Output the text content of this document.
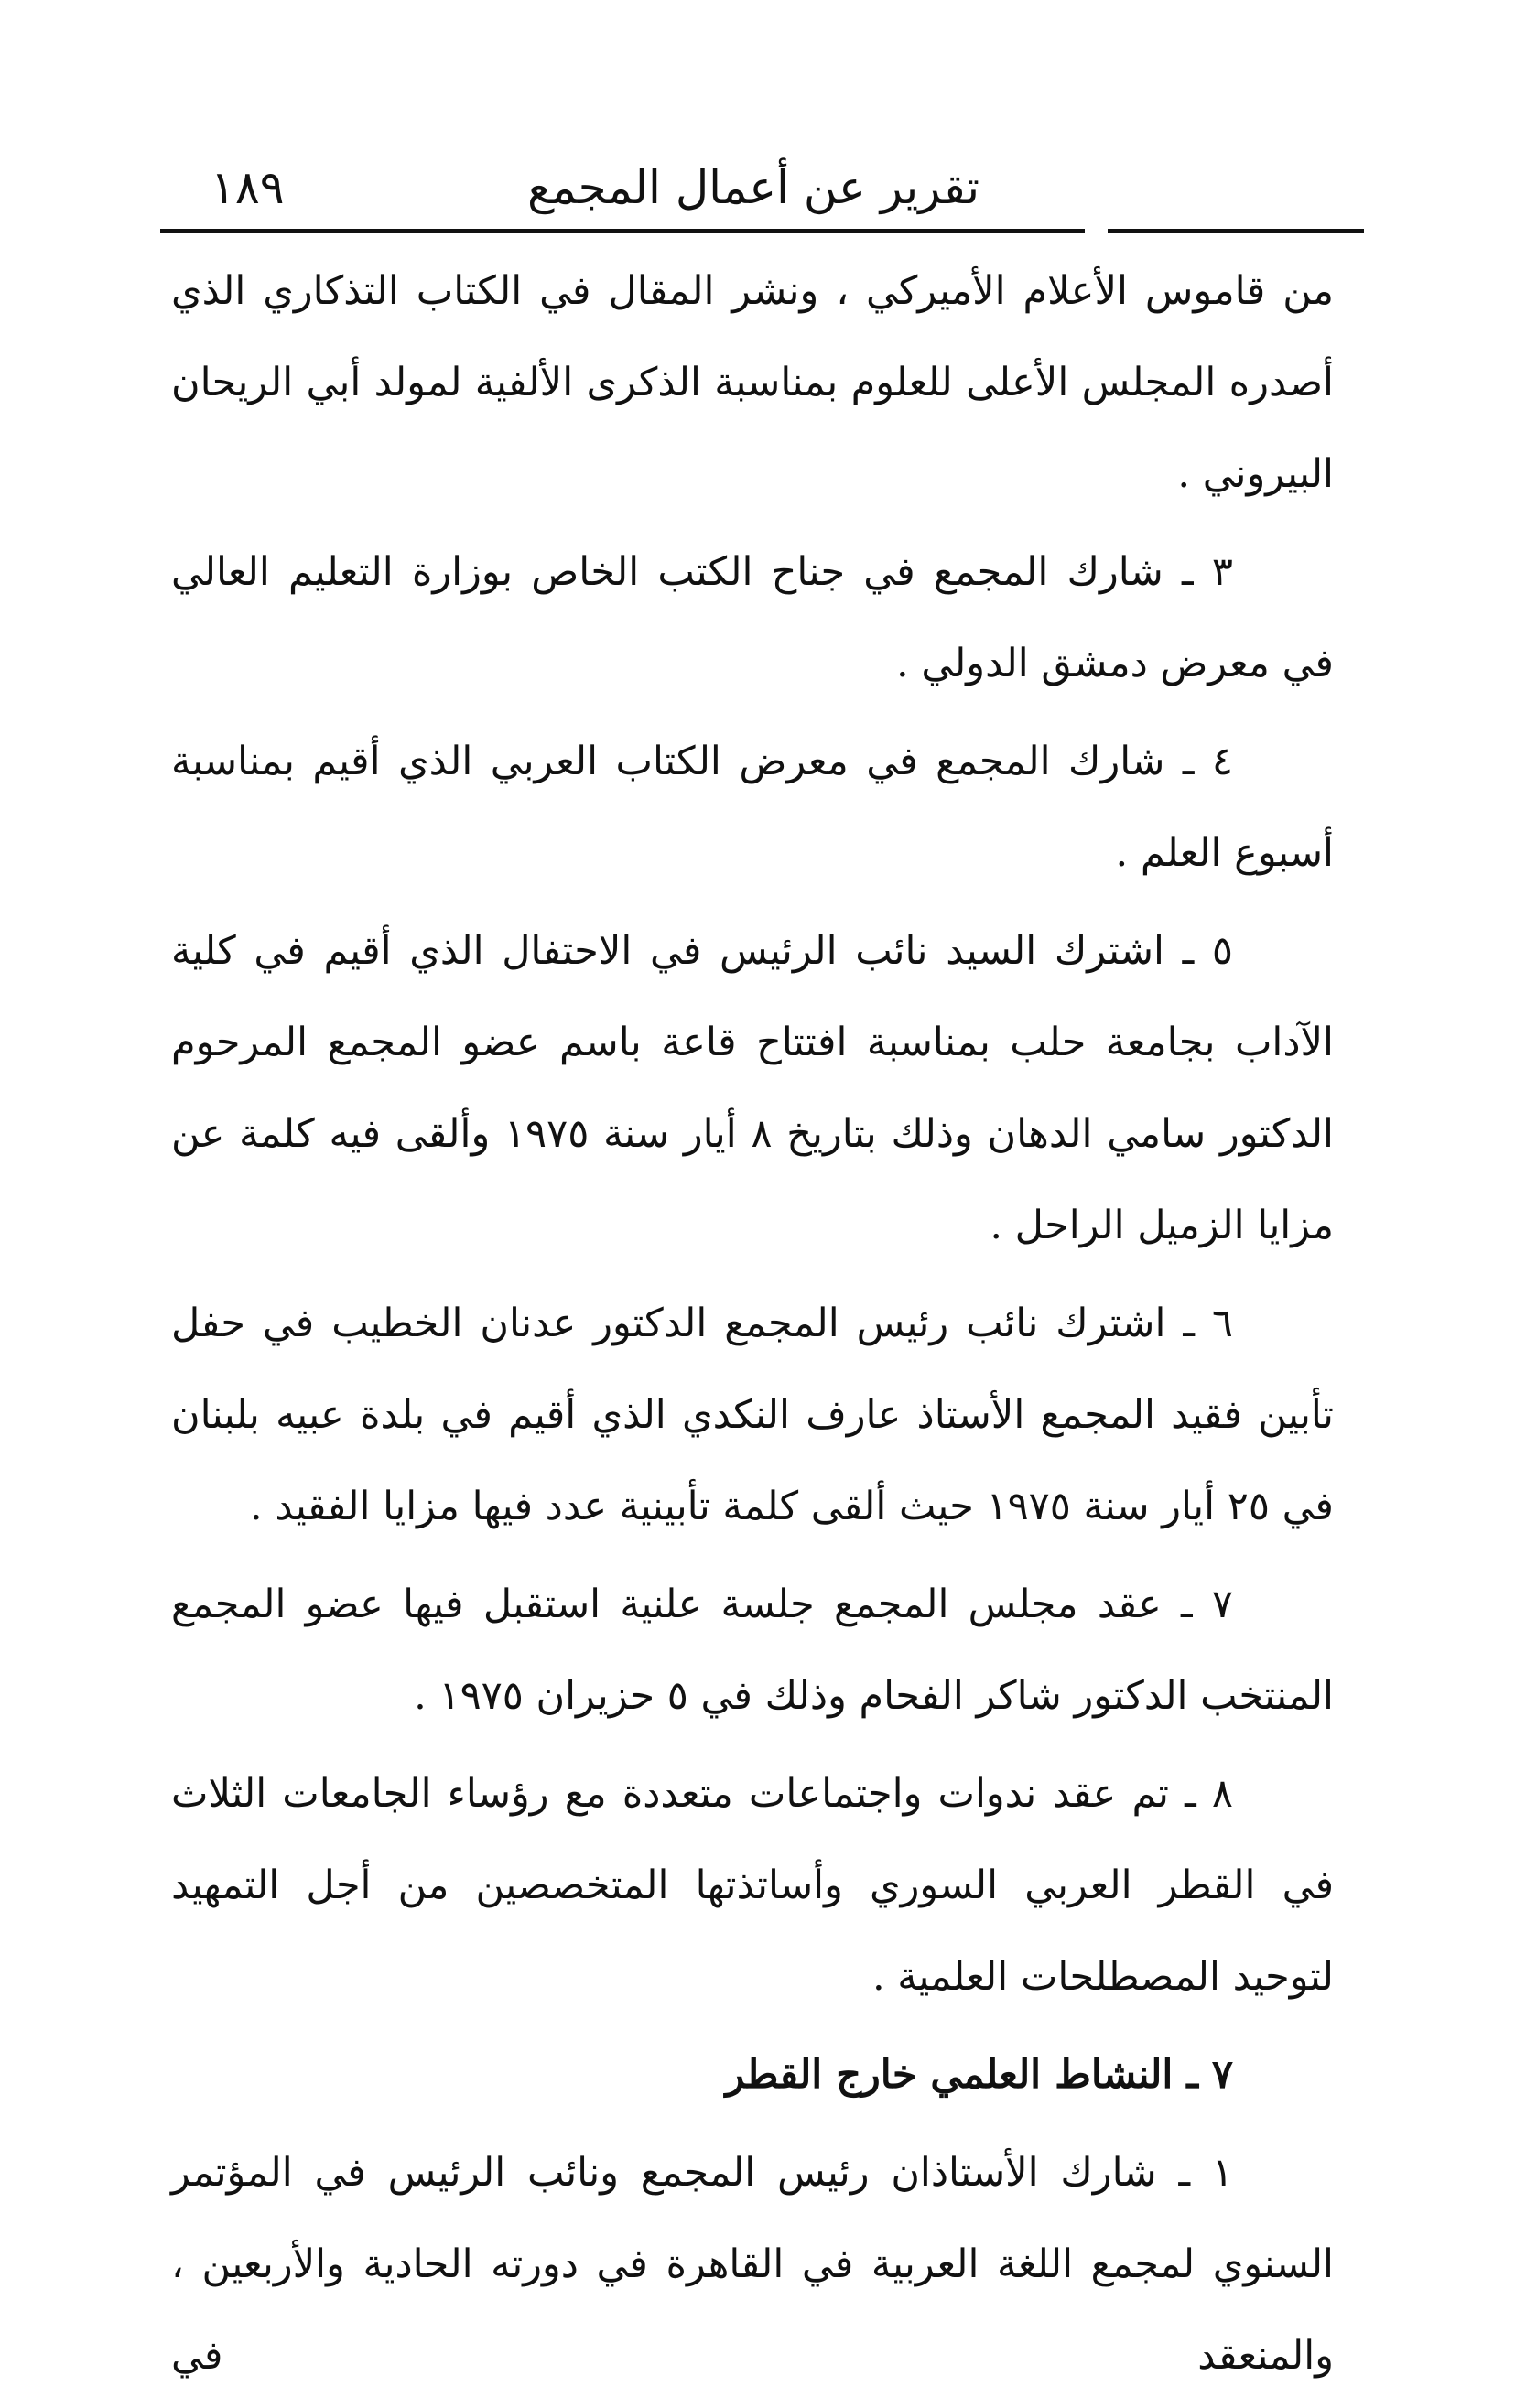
تقرير عن أعمال المجمع
١٨٩

من قاموس الأعلام الأميركي ، ونشر المقال في الكتاب التذكاري الذي أصدره المجلس الأعلى للعلوم بمناسبة الذكرى الألفية لمولد أبي الريحان البيروني .

٣ ـ شارك المجمع في جناح الكتب الخاص بوزارة التعليم العالي في معرض دمشق الدولي .

٤ ـ شارك المجمع في معرض الكتاب العربي الذي أقيم بمناسبة أسبوع العلم .

٥ ـ اشترك السيد نائب الرئيس في الاحتفال الذي أقيم في كلية الآداب بجامعة حلب بمناسبة افتتاح قاعة باسم عضو المجمع المرحوم الدكتور سامي الدهان وذلك بتاريخ ٨ أيار سنة ١٩٧٥ وألقى فيه كلمة عن مزايا الزميل الراحل .

٦ ـ اشترك نائب رئيس المجمع الدكتور عدنان الخطيب في حفل تأبين فقيد المجمع الأستاذ عارف النكدي الذي أقيم في بلدة عبيه بلبنان في ٢٥ أيار سنة ١٩٧٥ حيث ألقى كلمة تأبينية عدد فيها مزايا الفقيد .

٧ ـ عقد مجلس المجمع جلسة علنية استقبل فيها عضو المجمع المنتخب الدكتور شاكر الفحام وذلك في ٥ حزيران ١٩٧٥ .

٨ ـ تم عقد ندوات واجتماعات متعددة مع رؤساء الجامعات الثلاث في القطر العربي السوري وأساتذتها المتخصصين من أجل التمهيد لتوحيد المصطلحات العلمية .

٧ ـ النشاط العلمي خارج القطر

١ ـ شارك الأستاذان رئيس المجمع ونائب الرئيس في المؤتمر السنوي لمجمع اللغة العربية في القاهرة في دورته الحادية والأربعين ، والمنعقد في
